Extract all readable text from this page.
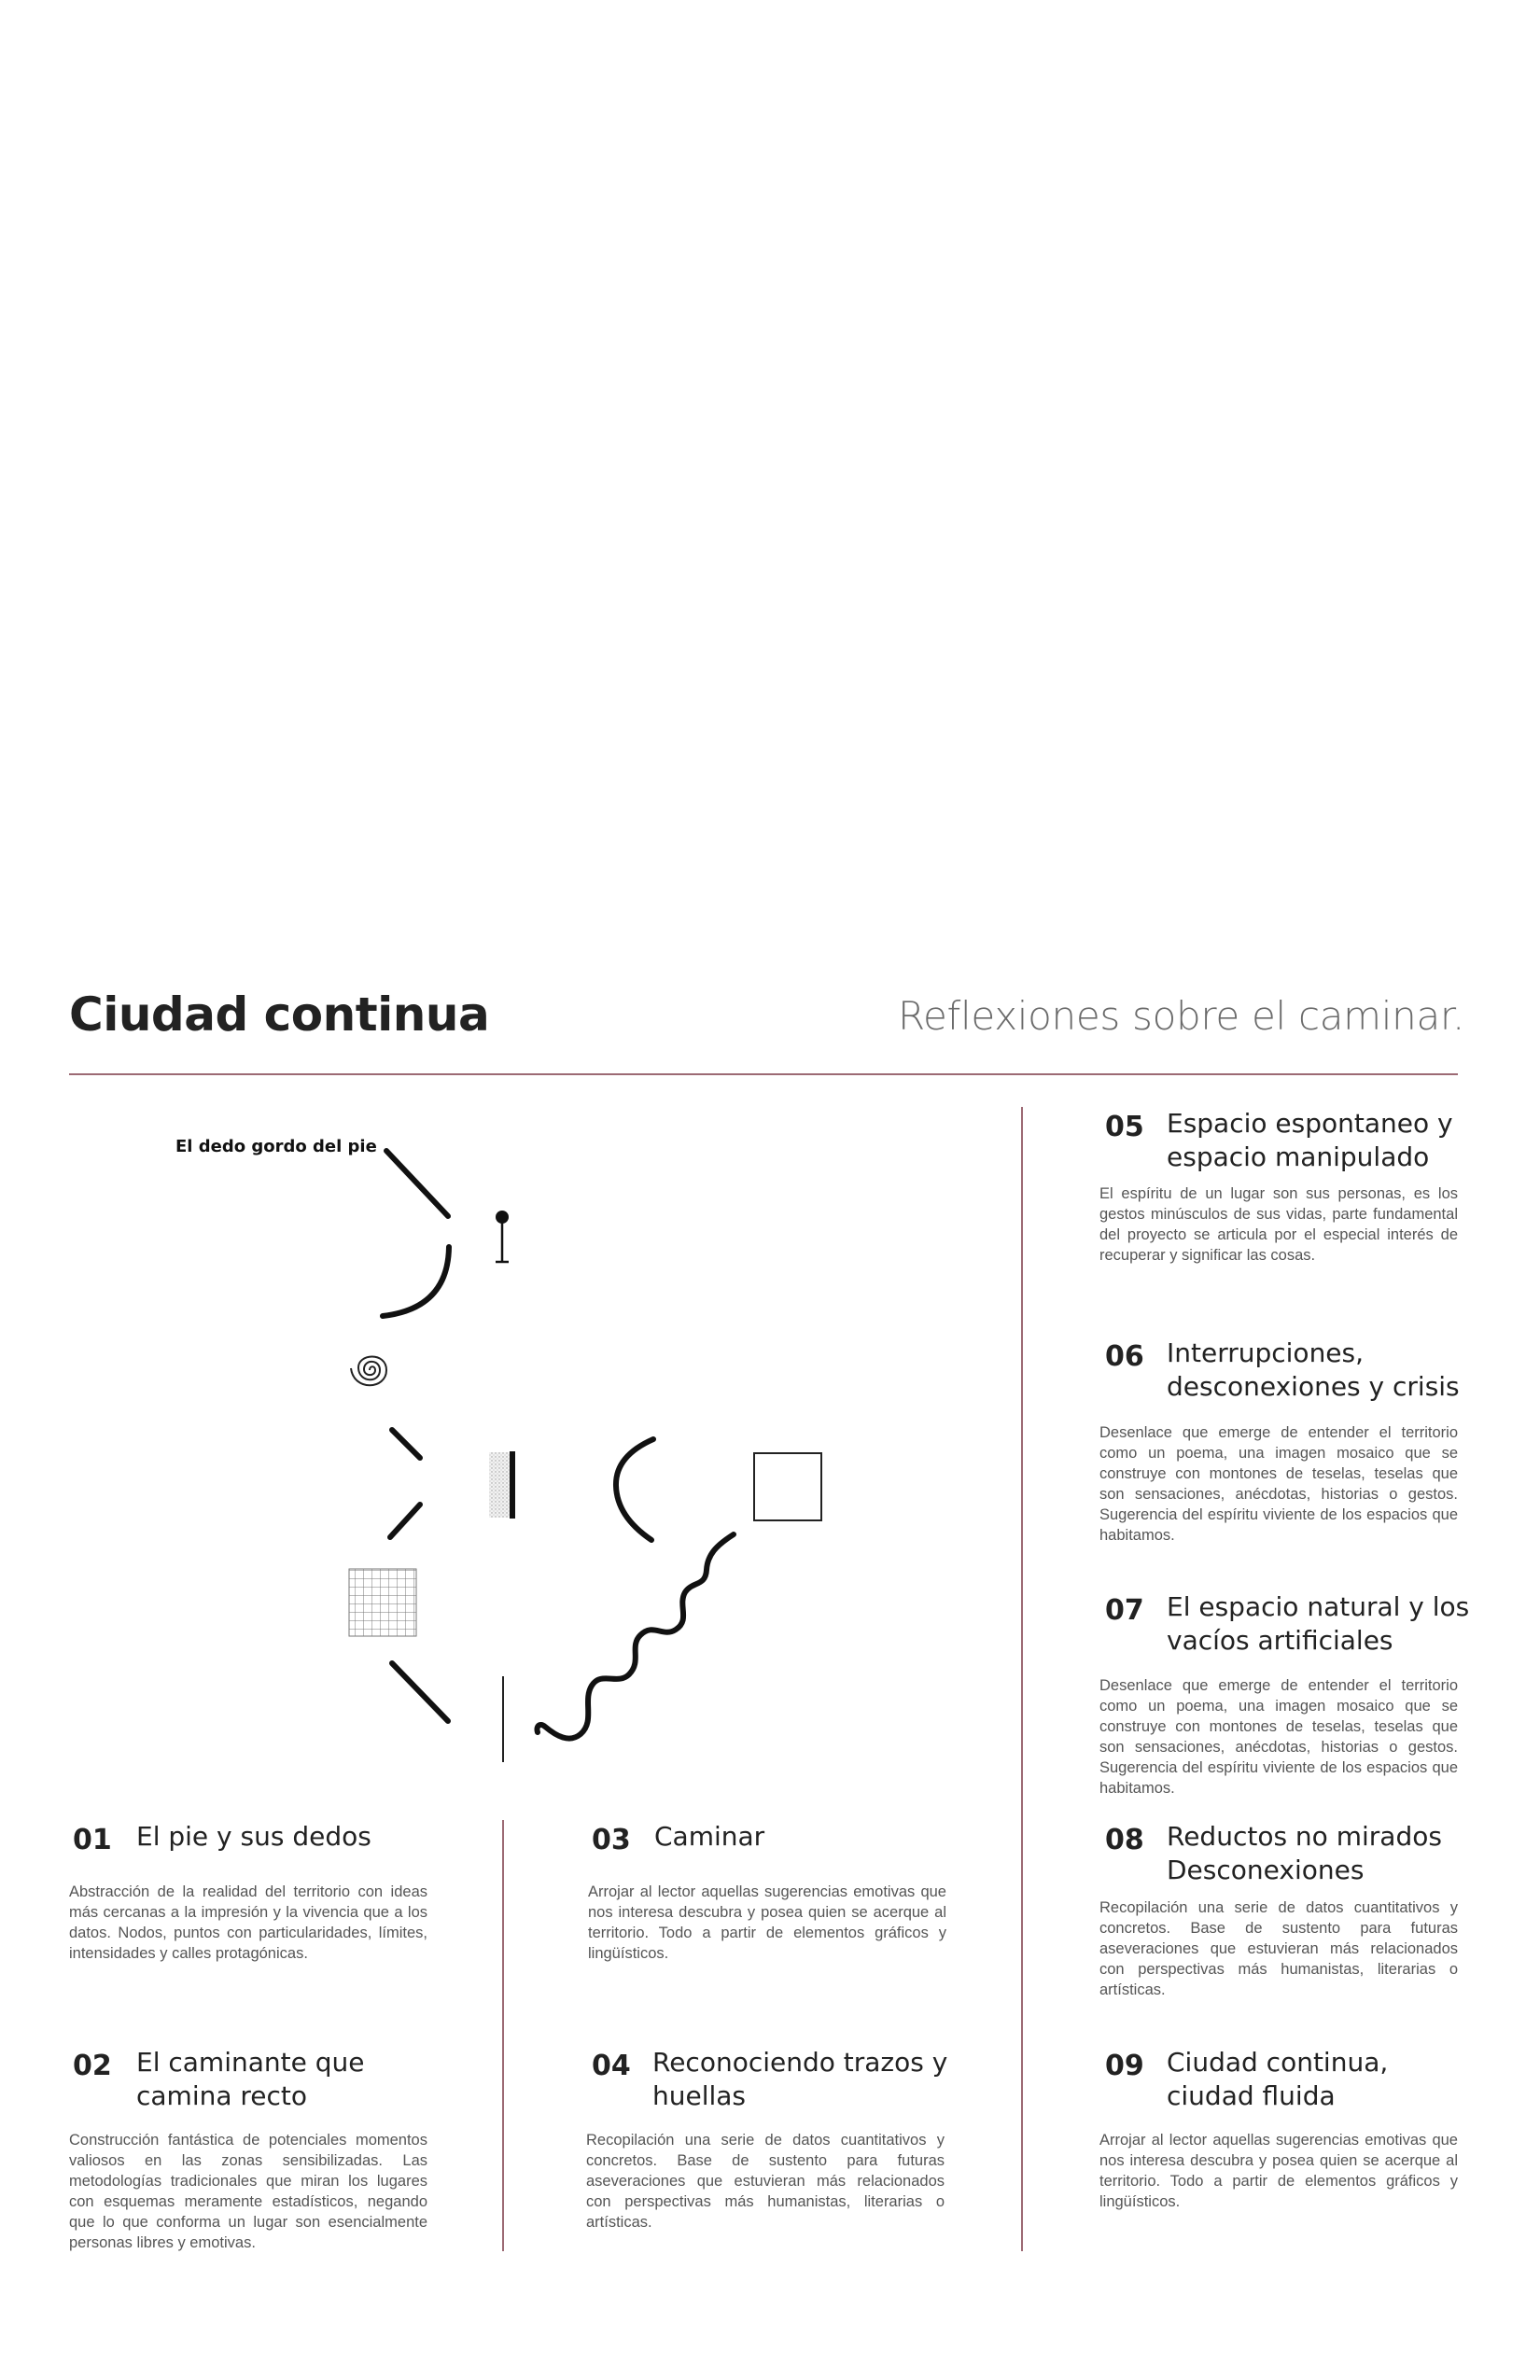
Ciudad continua	Reflexiones sobre el caminar.
El dedo gordo del pie
05 Espacio espontaneo y espacio manipulado
El espíritu de un lugar son sus personas, es los gestos minúsculos de sus vidas, parte fundamental del proyecto se articula por el especial interés de recuperar y significar las cosas.
06 Interrupciones, desconexiones y crisis
Desenlace que emerge de entender el territorio como un poema, una imagen mosaico que se construye con montones de teselas, teselas que son sensaciones, anécdotas, historias o gestos. Sugerencia del espíritu viviente de los espacios que habitamos.
07 El espacio natural y los vacíos artificiales
Desenlace que emerge de entender el territorio como un poema, una imagen mosaico que se construye con montones de teselas, teselas que son sensaciones, anécdotas, historias o gestos. Sugerencia del espíritu viviente de los espacios que habitamos.
01 El pie y sus dedos
Abstracción de la realidad del territorio con ideas más cercanas a la impresión y la vivencia que a los datos. Nodos, puntos con particularidades, límites, intensidades y calles protagónicas.
03 Caminar
Arrojar al lector aquellas sugerencias emotivas que nos interesa descubra y posea quien se acerque al territorio. Todo a partir de elementos gráficos y lingüísticos.
08 Reductos no mirados Desconexiones
Recopilación una serie de datos cuantitativos y concretos. Base de sustento para futuras aseveraciones que estuvieran más relacionados con perspectivas más humanistas, literarias o artísticas.
02 El caminante que camina recto
Construcción fantástica de potenciales momentos valiosos en las zonas sensibilizadas. Las metodologías tradicionales que miran los lugares con esquemas meramente estadísticos, negando que lo que conforma un lugar son esencialmente personas libres y emotivas.
04 Reconociendo trazos y huellas
Recopilación una serie de datos cuantitativos y concretos. Base de sustento para futuras aseveraciones que estuvieran más relacionados con perspectivas más humanistas, literarias o artísticas.
09 Ciudad continua, ciudad fluida
Arrojar al lector aquellas sugerencias emotivas que nos interesa descubra y posea quien se acerque al territorio. Todo a partir de elementos gráficos y lingüísticos.
